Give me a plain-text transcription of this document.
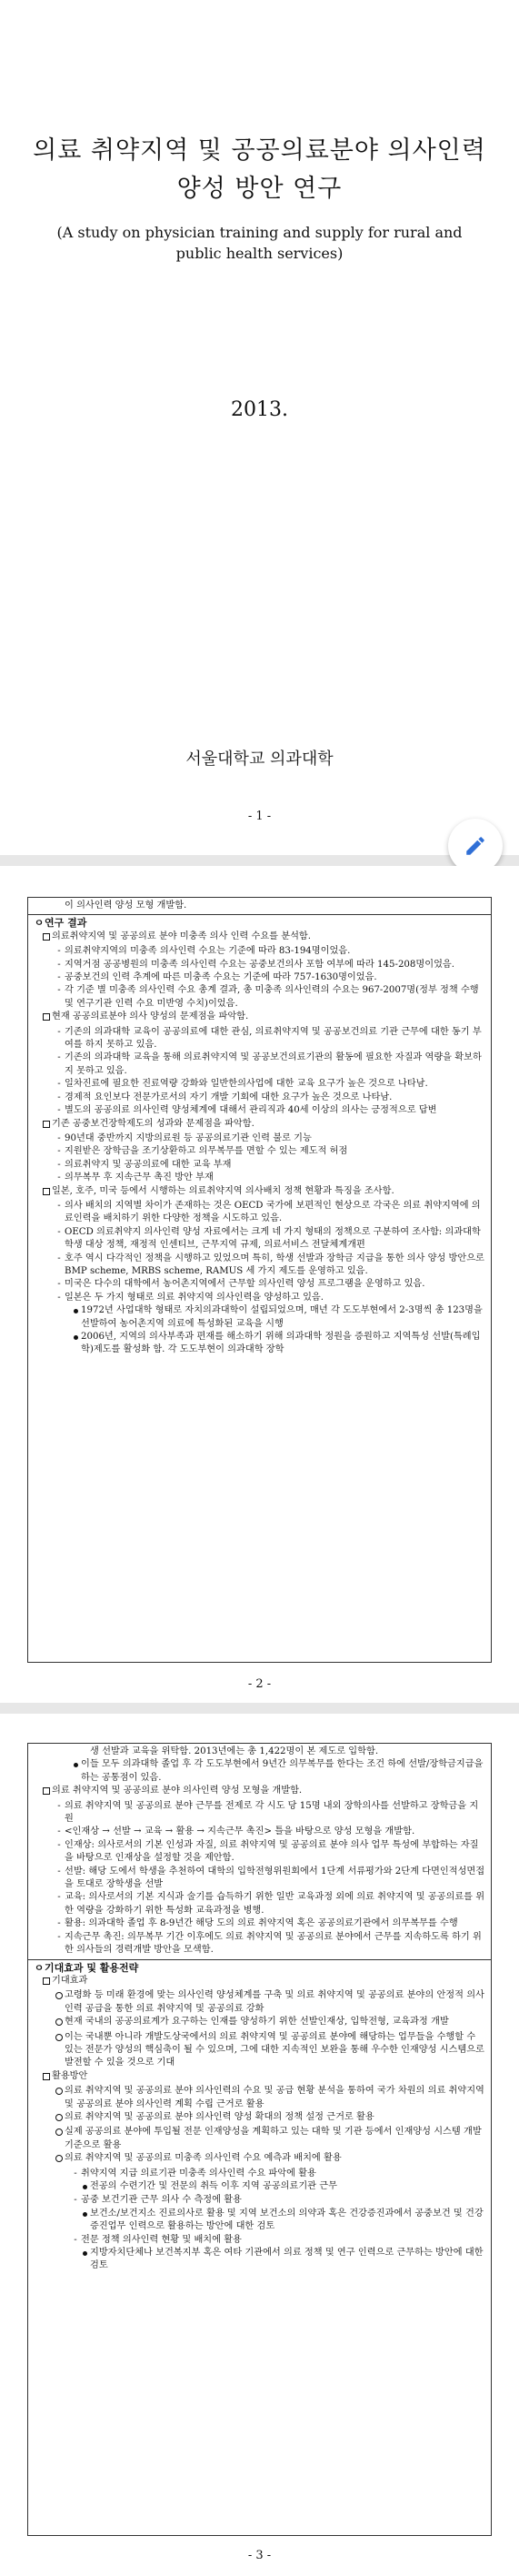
의료 취약지역 및 공공의료분야 의사인력 양성 방안 연구
(A study on physician training and supply for rural and public health services)
2013.
서울대학교 의과대학
- 1 -
이 의사인력 양성 모형 개발함.
ㅇ 연구 결과
의료취약지역 및 공공의료 분야 미충족 의사 인력 수요를 분석함.
- 의료취약지역의 미충족 의사인력 수요는 기준에 따라 83-194명이었음.
- 지역거점 공공병원의 미충족 의사인력 수요는 공중보건의사 포함 여부에 따라 145-208명이었음.
- 공중보건의 인력 추계에 따른 미충족 수요는 기준에 따라 757-1630명이었음.
- 각 기준 별 미충족 의사인력 수요 총계 결과, 총 미충족 의사인력의 수요는 967-2007명(정부 정책 수행 및 연구기관 인력 수요 미반영 수치)이었음.
현재 공공의료분야 의사 양성의 문제점을 파악함.
- 기존의 의과대학 교육이 공공의료에 대한 관심, 의료취약지역 및 공공보건의료 기관 근무에 대한 동기 부여를 하지 못하고 있음.
- 기존의 의과대학 교육을 통해 의료취약지역 및 공공보건의료기관의 활동에 필요한 자질과 역량을 확보하지 못하고 있음.
- 일차진료에 필요한 진료역량 강화와 일반한의사업에 대한 교육 요구가 높은 것으로 나타남.
- 경제적 요인보다 전문가로서의 자기 개발 기회에 대한 요구가 높은 것으로 나타남.
- 별도의 공공의료 의사인력 양성체계에 대해서 관리직과 40세 이상의 의사는 긍정적으로 답변
기존 공중보건장학제도의 성과와 문제점을 파악함.
- 90년대 중반까지 지방의료원 등 공공의료기관 인력 불로 기능
- 지원받은 장학금을 조기상환하고 의무복무를 면할 수 있는 제도적 허점
- 의료취약지 및 공공의료에 대한 교육 부재
- 의무복무 후 지속근무 촉진 방안 부재
일본, 호주, 미국 등에서 시행하는 의료취약지역 의사배치 정책 현황과 특징을 조사함.
- 의사 배치의 지역별 차이가 존재하는 것은 OECD 국가에 보편적인 현상으로 각국은 의료 취약지역에 의료인력을 배치하기 위한 다양한 정책을 시도하고 있음.
- OECD 의료취약지 의사인력 양성 자료에서는 크게 네 가지 형태의 정책으로 구분하여 조사함: 의과대학 학생 대상 정책, 재정적 인센티브, 근무지역 규제, 의료서비스 전달체계개편
- 호주 역시 다각적인 정책을 시행하고 있었으며 특히, 학생 선발과 장학금 지급을 통한 의사 양성 방안으로 BMP scheme, MRBS scheme, RAMUS 세 가지 제도를 운영하고 있음.
- 미국은 다수의 대학에서 농어촌지역에서 근무할 의사인력 양성 프로그램을 운영하고 있음.
- 일본은 두 가지 형태로 의료 취약지역 의사인력을 양성하고 있음.
1972년 사업대학 형태로 자치의과대학이 설립되었으며, 매년 각 도도부현에서 2-3명씩 총 123명을 선발하여 농어촌지역 의료에 특성화된 교육을 시행
2006년, 지역의 의사부족과 편재를 해소하기 위해 의과대학 정원을 증원하고 지역특성 선발(특례입학)제도를 활성화 함. 각 도도부현이 의과대학 장학
- 2 -
생 선발과 교육을 위탁함. 2013년에는 총 1,422명이 본 제도로 입학함.
이들 모두 의과대학 졸업 후 각 도도부현에서 9년간 의무복무를 한다는 조건 하에 선발/장학금지급을 하는 공통점이 있음.
의료 취약지역 및 공공의료 분야 의사인력 양성 모형을 개발함.
- 의료 취약지역 및 공공의료 분야 근무를 전제로 각 시도 당 15명 내외 장학의사를 선발하고 장학금을 지원
- <인재상 → 선발 → 교육 → 활용 → 지속근무 촉진> 틀을 바탕으로 양성 모형을 개발함.
- 인재상: 의사로서의 기본 인성과 자질, 의료 취약지역 및 공공의료 분야 의사 업무 특성에 부합하는 자질을 바탕으로 인재상을 설정할 것을 제안함.
- 선발: 해당 도에서 학생을 추천하여 대학의 입학전형위원회에서 1단계 서류평가와 2단계 다면인적성면접을 토대로 장학생을 선발
- 교육: 의사로서의 기본 지식과 술기를 습득하기 위한 일반 교육과정 외에 의료 취약지역 및 공공의료를 위한 역량을 강화하기 위한 특성화 교육과정을 병행.
- 활용: 의과대학 졸업 후 8-9년간 해당 도의 의료 취약지역 혹은 공공의료기관에서 의무복무를 수행
- 지속근무 촉진: 의무복무 기간 이후에도 의료 취약지역 및 공공의료 분야에서 근무를 지속하도록 하기 위한 의사들의 경력개발 방안을 모색함.
ㅇ 기대효과 및 활용전략
기대효과
고령화 등 미래 환경에 맞는 의사인력 양성체계를 구축 및 의료 취약지역 및 공공의료 분야의 안정적 의사인력 공급을 통한 의료 취약지역 및 공공의료 강화
현재 국내의 공공의료계가 요구하는 인재를 양성하기 위한 선발인재상, 입학전형, 교육과정 개발
이는 국내뿐 아니라 개발도상국에서의 의료 취약지역 및 공공의료 분야에 해당하는 업무들을 수행할 수 있는 전문가 양성의 핵심축이 될 수 있으며, 그에 대한 지속적인 보완을 통해 우수한 인재양성 시스템으로 발전할 수 있을 것으로 기대
활용방안
의료 취약지역 및 공공의료 분야 의사인력의 수요 및 공급 현황 분석을 통하여 국가 차원의 의료 취약지역 및 공공의료 분야 의사인력 계획 수립 근거로 활용
의료 취약지역 및 공공의료 분야 의사인력 양성 확대의 정책 설정 근거로 활용
실제 공공의료 분야에 투입될 전문 인재양성을 계획하고 있는 대학 및 기관 등에서 인재양성 시스템 개발기준으로 활용
의료 취약지역 및 공공의료 미충족 의사인력 수요 예측과 배치에 활용
- 취약지역 지급 의료기관 미충족 의사인력 수요 파악에 활용
전공의 수련기간 및 전문의 취득 이후 지역 공공의료기관 근무
- 공중 보건기관 근무 의사 수 측정에 활용
보건소/보건지소 진료의사로 활용 및 지역 보건소의 의약과 혹은 건강증진과에서 공중보건 및 건강증진업무 인력으로 활용하는 방안에 대한 검토
- 전문 정책 의사인력 현황 및 배치에 활용
지방자치단체나 보건복지부 혹은 여타 기관에서 의료 정책 및 연구 인력으로 근무하는 방안에 대한 검토
- 3 -
